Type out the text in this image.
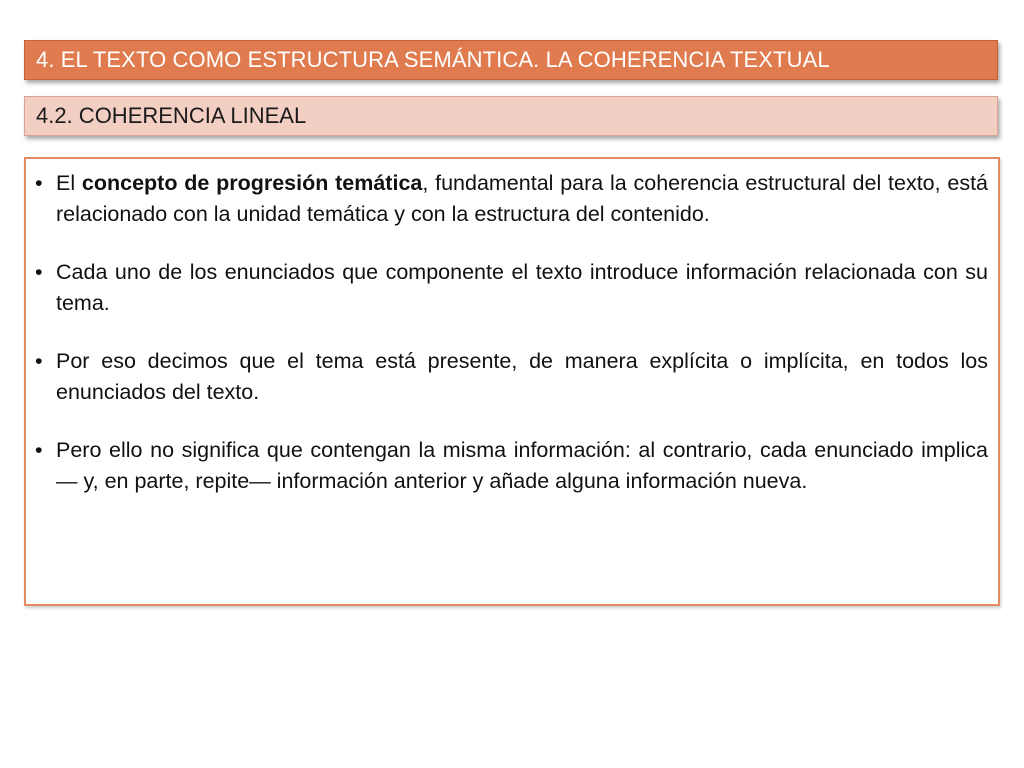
4. EL TEXTO COMO ESTRUCTURA SEMÁNTICA. LA COHERENCIA TEXTUAL
4.2. COHERENCIA LINEAL
• El concepto de progresión temática, fundamental para la coherencia estructural del texto, está relacionado con la unidad temática y con la estructura del contenido.
• Cada uno de los enunciados que componente el texto introduce información relacionada con su tema.
• Por eso decimos que el tema está presente, de manera explícita o implícita, en todos los enunciados del texto.
• Pero ello no significa que contengan la misma información: al contrario, cada enunciado implica — y, en parte, repite— información anterior y añade alguna información nueva.
